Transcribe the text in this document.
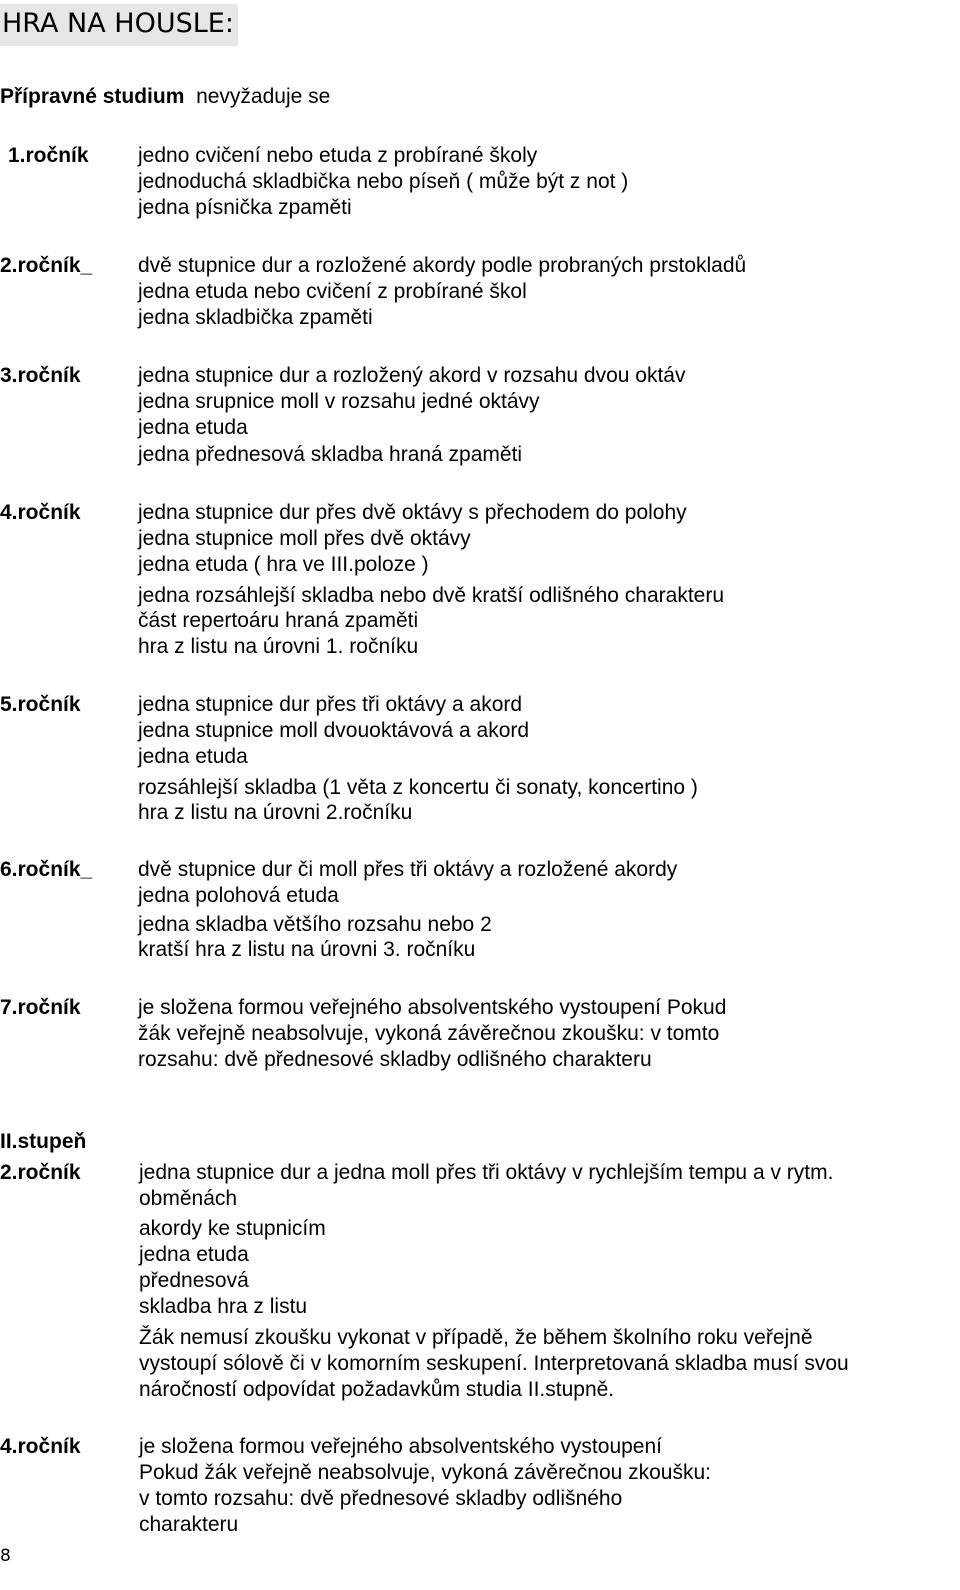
HRA NA HOUSLE:
Přípravné studium nevyžaduje se
1.ročník jedno cvičení nebo etuda z probírané školy
jednoduchá skladbička nebo píseň ( může být z not )
jedna písnička zpaměti
2.ročník_ dvě stupnice dur a rozložené akordy podle probraných prstokladů
jedna etuda nebo cvičení z probírané škol
jedna skladbička zpaměti
3.ročník	jedna stupnice dur a rozložený akord v rozsahu dvou oktáv
jedna srupnice moll v rozsahu jedné oktávy
jedna etuda
jedna přednesová skladba hraná zpaměti
4.ročník	jedna stupnice dur přes dvě oktávy s přechodem do polohy
jedna stupnice moll přes dvě oktávy
jedna etuda ( hra ve III.poloze )
jedna rozsáhlejší skladba nebo dvě kratší odlišného charakteru
část repertoáru hraná zpaměti
hra z listu na úrovni 1. ročníku
5.ročník	jedna stupnice dur přes tři oktávy a akord
jedna stupnice moll dvouoktávová a akord
jedna etuda
rozsáhlejší skladba (1 věta z koncertu či sonaty, koncertino )
hra z listu na úrovni 2.ročníku
6.ročník_ dvě stupnice dur či moll přes tři oktávy a rozložené akordy
jedna polohová etuda
jedna skladba většího rozsahu nebo 2
kratší hra z listu na úrovni 3. ročníku
7.ročník	je složena formou veřejného absolventského vystoupení Pokud
žák veřejně neabsolvuje, vykoná závěrečnou zkoušku: v tomto
rozsahu: dvě přednesové skladby odlišného charakteru
II.stupeň
2.ročník	jedna stupnice dur a jedna moll přes tři oktávy v rychlejším tempu a v rytm.
obměnách
akordy ke stupnicím
jedna etuda
přednesová
skladba hra z listu
Žák nemusí zkoušku vykonat v případě, že během školního roku veřejně
vystoupí sólově či v komorním seskupení. Interpretovaná skladba musí svou
náročností odpovídat požadavkům studia II.stupně.
4.ročník	je složena formou veřejného absolventského vystoupení
Pokud žák veřejně neabsolvuje, vykoná závěrečnou zkoušku:
v tomto rozsahu: dvě přednesové skladby odlišného
charakteru
8
